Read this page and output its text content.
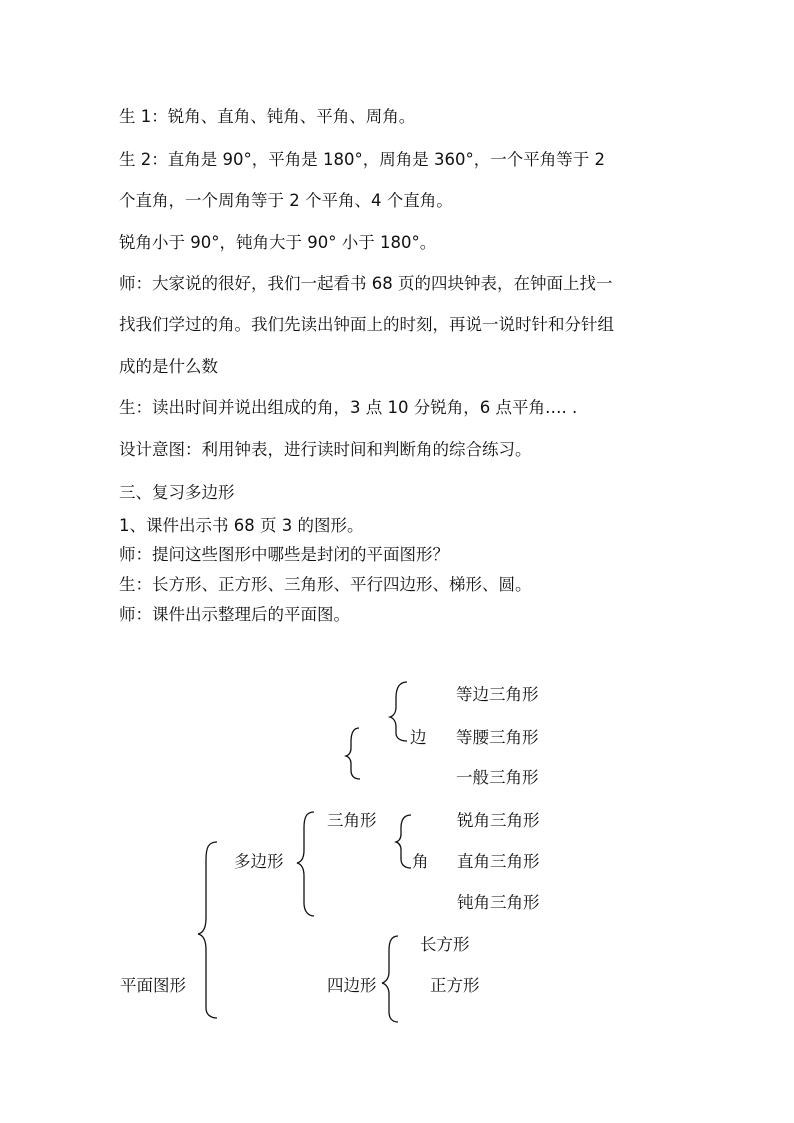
生 1：锐角、直角、钝角、平角、周角。
生 2：直角是 90°，平角是 180°，周角是 360°，一个平角等于 2
个直角，一个周角等于 2 个平角、4 个直角。
锐角小于 90°，钝角大于 90° 小于 180°。
师：大家说的很好，我们一起看书 68 页的四块钟表，在钟面上找一
找我们学过的角。我们先读出钟面上的时刻，再说一说时针和分针组
成的是什么数
生：读出时间并说出组成的角，3 点 10 分锐角，6 点平角…. .
设计意图：利用钟表，进行读时间和判断角的综合练习。
三、复习多边形
1、课件出示书 68 页 3 的图形。
师：提问这些图形中哪些是封闭的平面图形？
生：长方形、正方形、三角形、平行四边形、梯形、圆。
师：课件出示整理后的平面图。
等边三角形
边 等腰三角形
一般三角形
三角形	锐角三角形
多边形	角 直角三角形
钝角三角形
长方形
平面图形	四边形	正方形
